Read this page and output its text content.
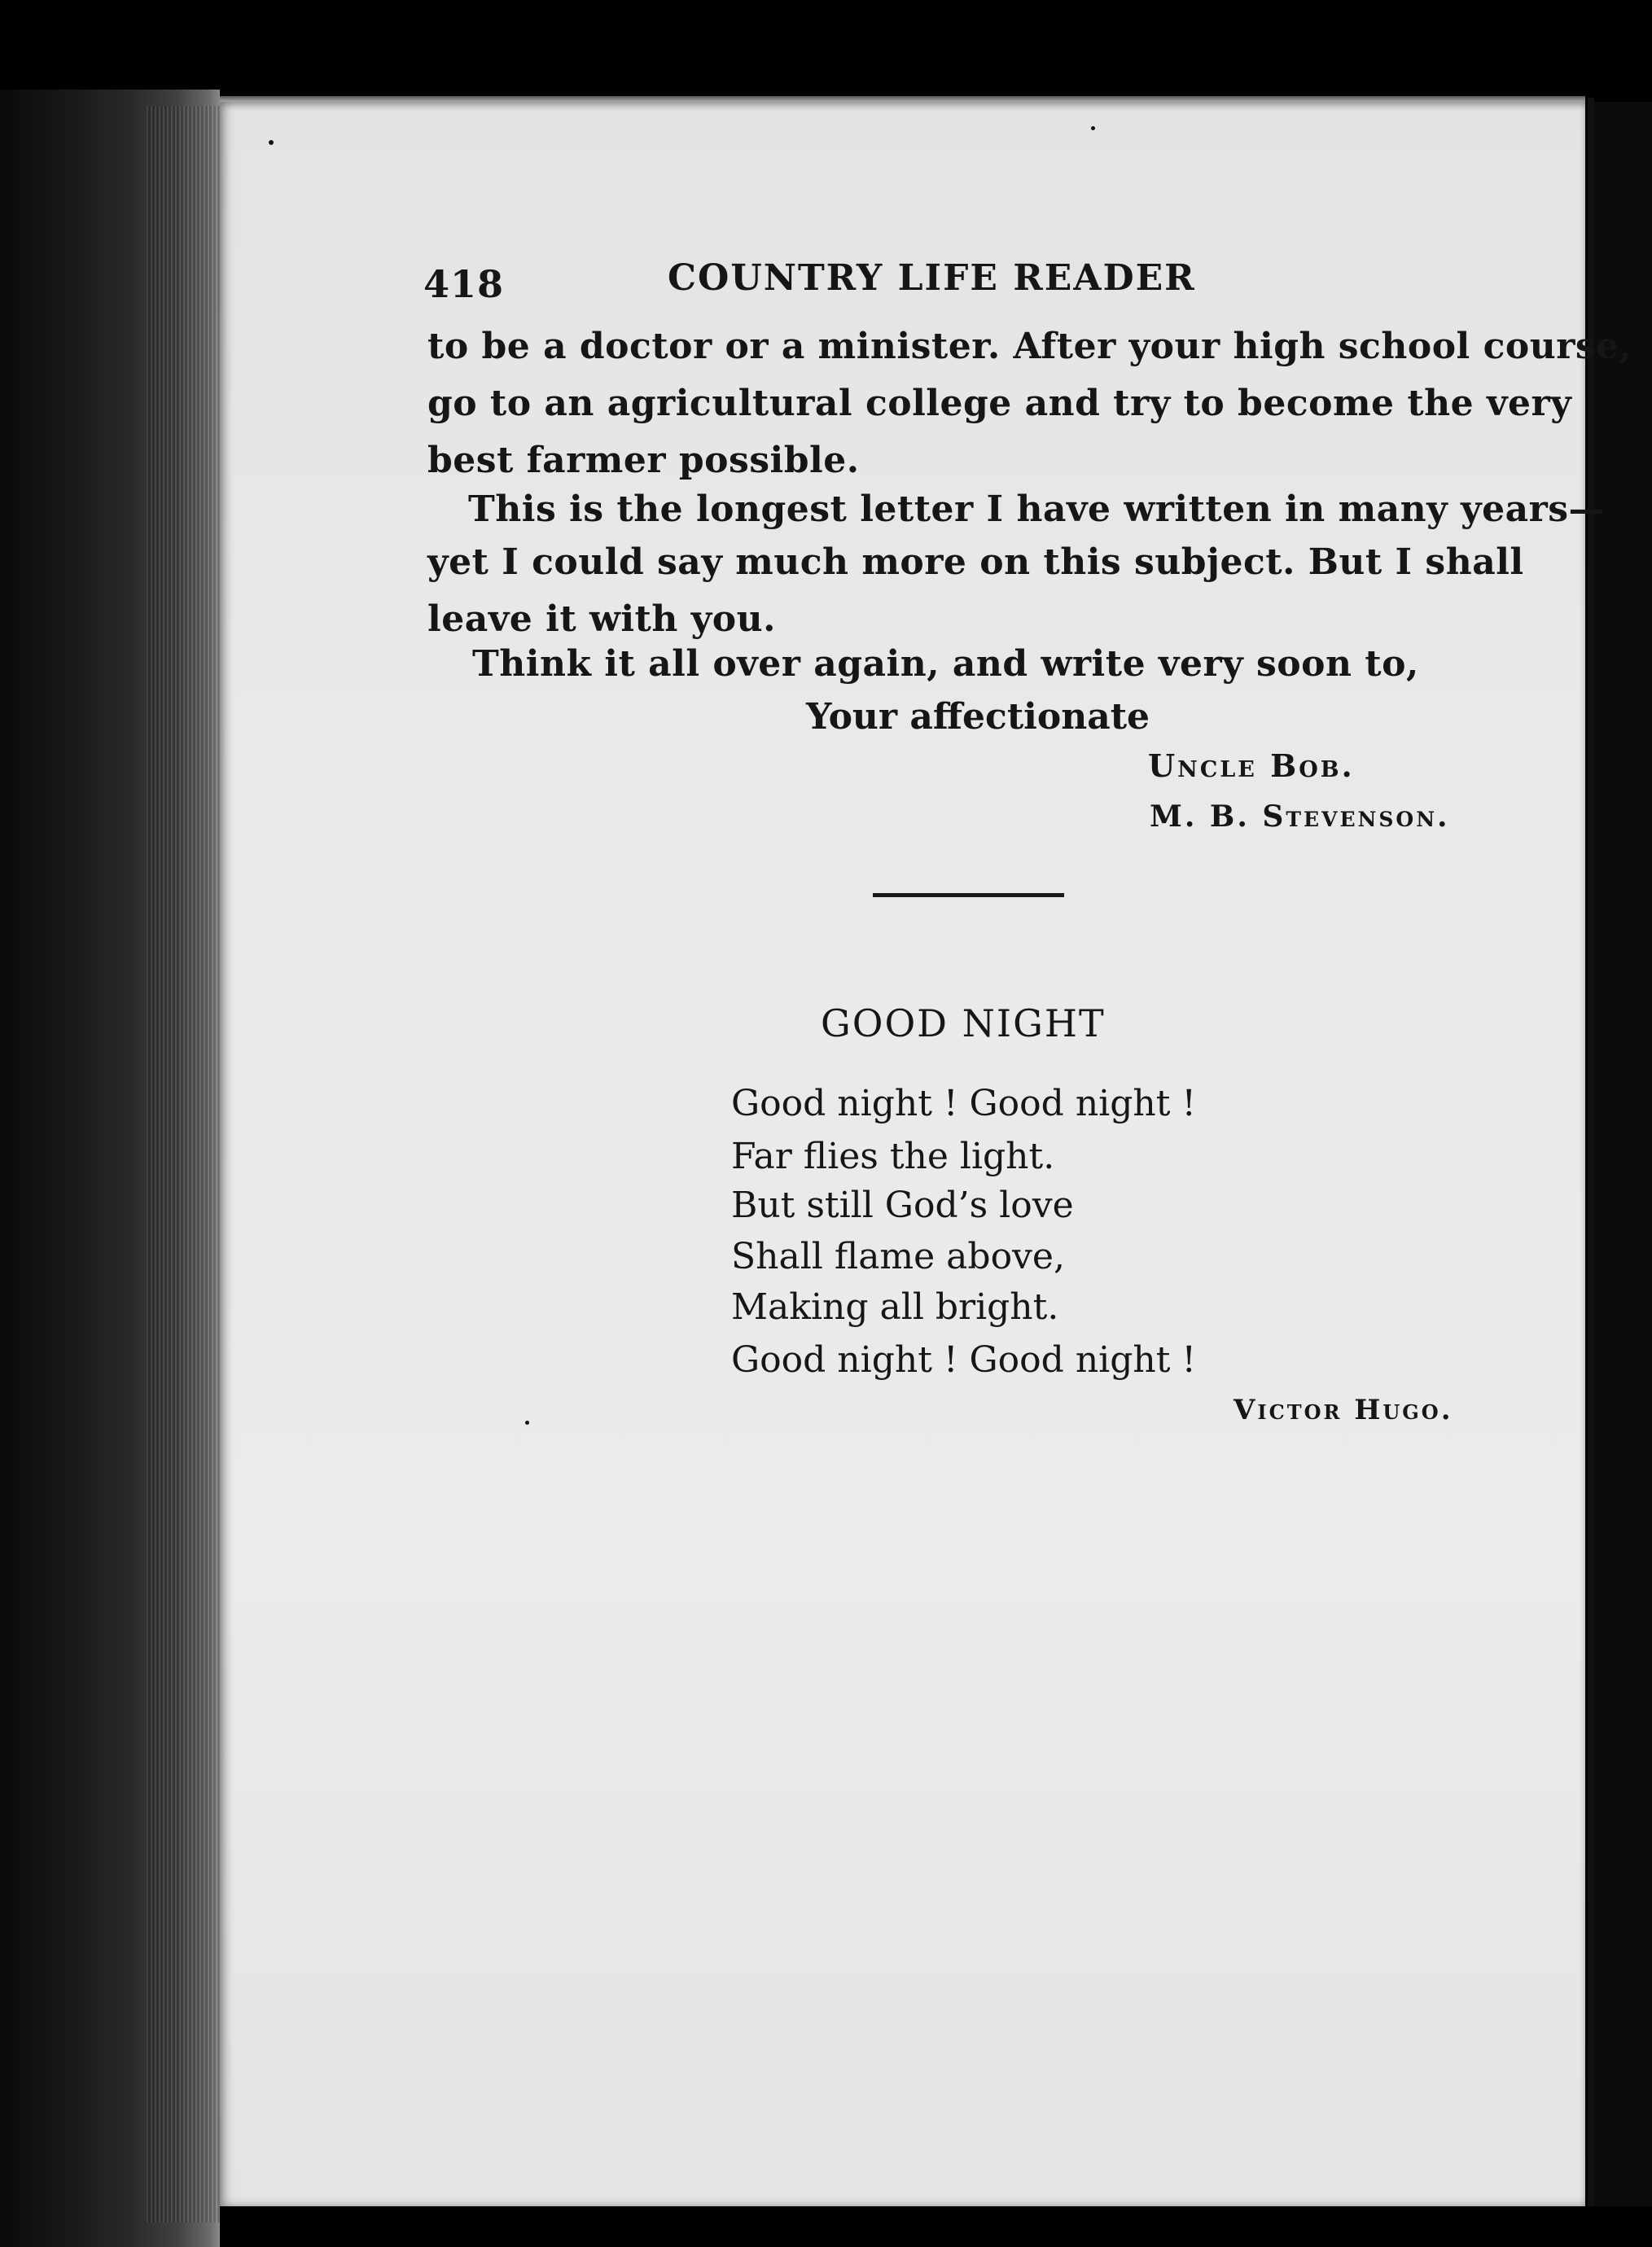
418	COUNTRY LIFE READER
to be a doctor or a minister. After your high school course,
go to an agricultural college and try to become the very
best farmer possible.
This is the longest letter I have written in many years—
yet I could say much more on this subject. But I shall
leave it with you.
Think it all over again, and write very soon to,
Your affectionate
Uncle Bob.
M. B. Stevenson.
GOOD NIGHT
Good night ! Good night !
Far flies the light.
But still God’s love
Shall flame above,
Making all bright.
Good night ! Good night !
Victor Hugo.
